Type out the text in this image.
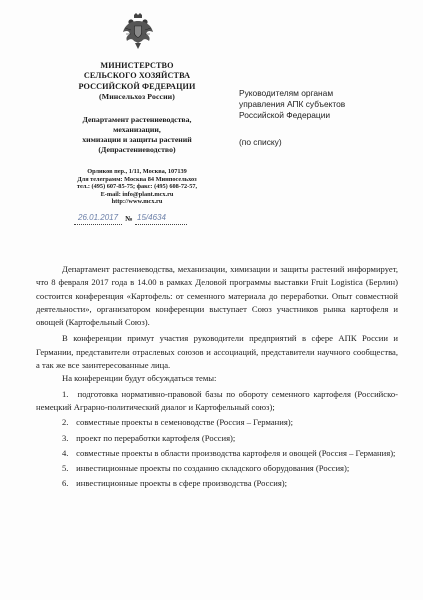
МИНИСТЕРСТВО
СЕЛЬСКОГО ХОЗЯЙСТВА
РОССИЙСКОЙ ФЕДЕРАЦИИ
(Минсельхоз России)
Департамент растениеводства,
механизации,
химизации и защиты растений
(Депрастениеводство)
Орликов пер., 1/11, Москва, 107139
Для телеграмм: Москва 84 Минпосельхоз
тел.: (495) 607-85-75; факс: (495) 608-72-57,
E-mail: info@plant.mcx.ru
http://www.mcx.ru
26.01.2017 № 15/4634
Руководителям органам
управления АПК субъектов
Российской Федерации
(по списку)

Департамент растениеводства, механизации, химизации и защиты растений информирует, что 8 февраля 2017 года в 14.00 в рамках Деловой программы выставки Fruit Logistica (Берлин) состоится конференция «Картофель: от семенного материала до переработки. Опыт совместной деятельности», организатором конференции выступает Союз участников рынка картофеля и овощей (Картофельный Союз).

В конференции примут участия руководители предприятий в сфере АПК России и Германии, представители отраслевых союзов и ассоциаций, представители научного сообщества, а так же все заинтересованные лица.

На конференции будут обсуждаться темы:

1. подготовка нормативно-правовой базы по обороту семенного картофеля (Российско-немецкий Аграрно-политический диалог и Картофельный союз);
2. совместные проекты в семеноводстве (Россия – Германия);
3. проект по переработки картофеля (Россия);
4. совместные проекты в области производства картофеля и овощей (Россия – Германия);
5. инвестиционные проекты по созданию складского оборудования (Россия);
6. инвестиционные проекты в сфере производства (Россия);
